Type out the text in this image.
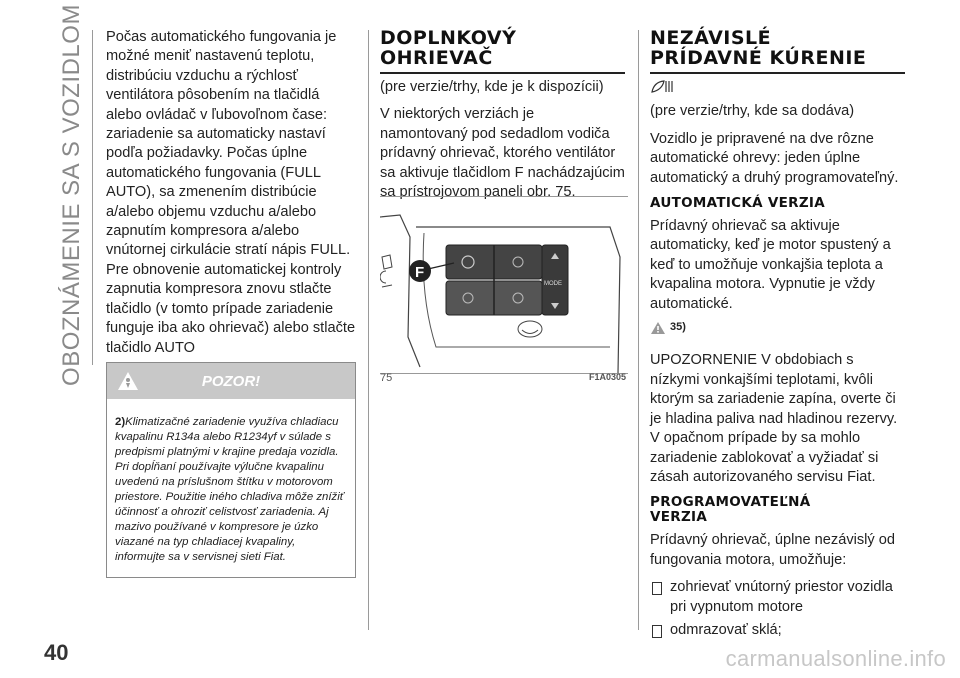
OBOZNÁMENIE SA S VOZIDLOM Počas automatického fungovania je možné meniť nastavenú teplotu, distribúciu vzduchu a rýchlosť ventilátora pôsobením na tlačidlá alebo ovládač v ľubovoľnom čase: zariadenie sa automaticky nastaví podľa požiadavky. Počas úplne automatického fungovania (FULL AUTO), sa zmenením distribúcie a/alebo objemu vzduchu a/alebo zapnutím kompresora a/alebo vnútornej cirkulácie stratí nápis FULL. Pre obnovenie automatickej kontroly zapnutia kompresora znovu stlačte tlačidlo (v tomto prípade zariadenie funguje iba ako ohrievač) alebo stlačte tlačidlo AUTO

POZOR!
2)Klimatizačné zariadenie využíva chladiacu kvapalinu R134a alebo R1234yf v súlade s predpismi platnými v krajine predaja vozidla. Pri dopĺňaní používajte výlučne kvapalinu uvedenú na príslušnom štítku v motorovom priestore. Použitie iného chladiva môže znížiť účinnosť a ohroziť celistvosť zariadenia. Aj mazivo používané v kompresore je úzko viazané na typ chladiacej kvapaliny, informujte sa v servisnej sieti Fiat.
DOPLNKOVÝ
OHRIEVAČ

(pre verzie/trhy, kde je k dispozícii)

V niektorých verziách je namontovaný pod sedadlom vodiča prídavný ohrievač, ktorého ventilátor sa aktivuje tlačidlom F nachádzajúcim sa prístrojovom paneli obr. 75.

MODE
F
75	F1A0305
NEZÁVISLÉ
PRÍDAVNÉ KÚRENIE

(pre verzie/trhy, kde sa dodáva)

Vozidlo je pripravené na dve rôzne automatické ohrevy: jeden úplne automatický a druhý programovateľný.

AUTOMATICKÁ VERZIA

Prídavný ohrievač sa aktivuje automaticky, keď je motor spustený a keď to umožňuje vonkajšia teplota a kvapalina motora. Vypnutie je vždy automatické.

35)

UPOZORNENIE V obdobiach s nízkymi vonkajšími teplotami, kvôli ktorým sa zariadenie zapína, overte či je hladina paliva nad hladinou rezervy. V opačnom prípade by sa mohlo zariadenie zablokovať a vyžiadať si zásah autorizovaného servisu Fiat.

PROGRAMOVATEĽNÁ
VERZIA

Prídavný ohrievač, úplne nezávislý od fungovania motora, umožňuje:

zohrievať vnútorný priestor vozidla pri vypnutom motore
odmrazovať sklá;
40	carmanualsonline.info
